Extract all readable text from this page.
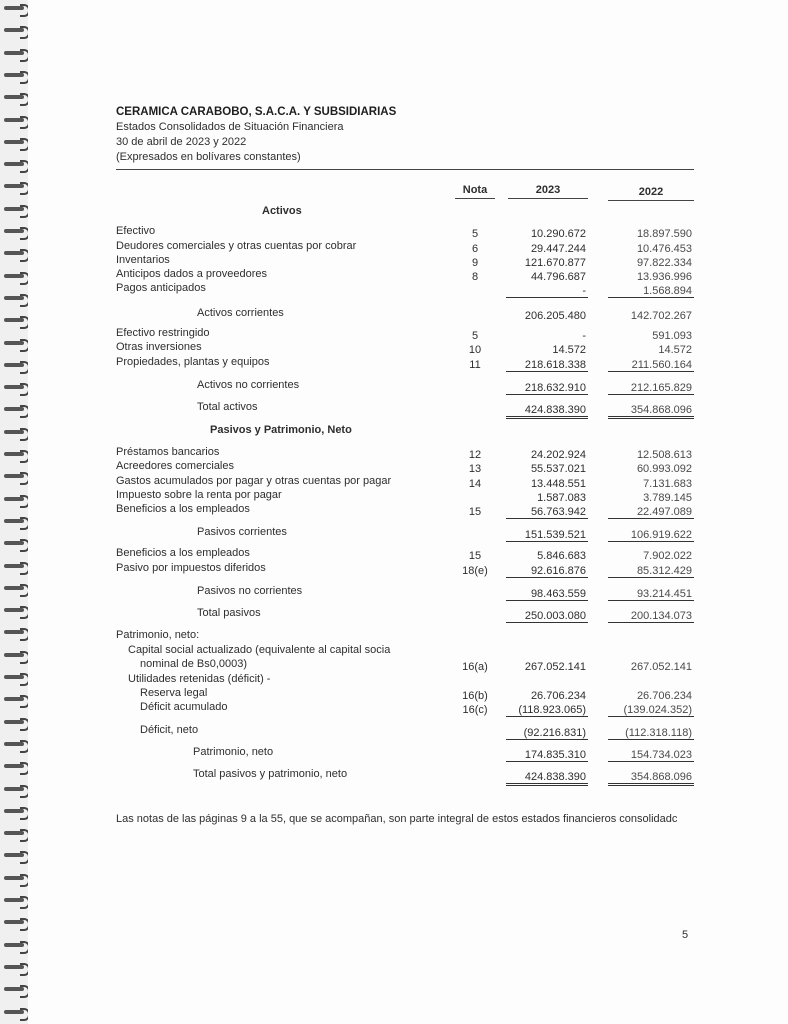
CERAMICA CARABOBO, S.A.C.A. Y SUBSIDIARIAS
Estados Consolidados de Situación Financiera
30 de abril de 2023 y 2022
(Expresados en bolívares constantes)
Nota	2023	2022
Activos
Efectivo	5	10.290.672	18.897.590
Deudores comerciales y otras cuentas por cobrar	6	29.447.244	10.476.453
Inventarios	9	121.670.877	97.822.334
Anticipos dados a proveedores	8	44.796.687	13.936.996
Pagos anticipados	-	1.568.894
Activos corrientes	206.205.480	142.702.267
Efectivo restringido	5	-	591.093
Otras inversiones	10	14.572	14.572
Propiedades, plantas y equipos	11	218.618.338	211.560.164
Activos no corrientes	218.632.910	212.165.829
Total activos	424.838.390	354.868.096
Pasivos y Patrimonio, Neto
Préstamos bancarios	12	24.202.924	12.508.613
Acreedores comerciales	13	55.537.021	60.993.092
Gastos acumulados por pagar y otras cuentas por pagar	14	13.448.551	7.131.683
Impuesto sobre la renta por pagar	1.587.083	3.789.145
Beneficios a los empleados	15	56.763.942	22.497.089
Pasivos corrientes	151.539.521	106.919.622
Beneficios a los empleados	15	5.846.683	7.902.022
Pasivo por impuestos diferidos	18(e)	92.616.876	85.312.429
Pasivos no corrientes	98.463.559	93.214.451
Total pasivos	250.003.080	200.134.073
Patrimonio, neto:
Capital social actualizado (equivalente al capital socia
nominal de Bs0,0003)	16(a)	267.052.141	267.052.141
Utilidades retenidas (déficit) -
Reserva legal	16(b)	26.706.234	26.706.234
Déficit acumulado	16(c)	(118.923.065)	(139.024.352)
Déficit, neto	(92.216.831)	(112.318.118)
Patrimonio, neto	174.835.310	154.734.023
Total pasivos y patrimonio, neto	424.838.390	354.868.096
Las notas de las páginas 9 a la 55, que se acompañan, son parte integral de estos estados financieros consolidadc
5
